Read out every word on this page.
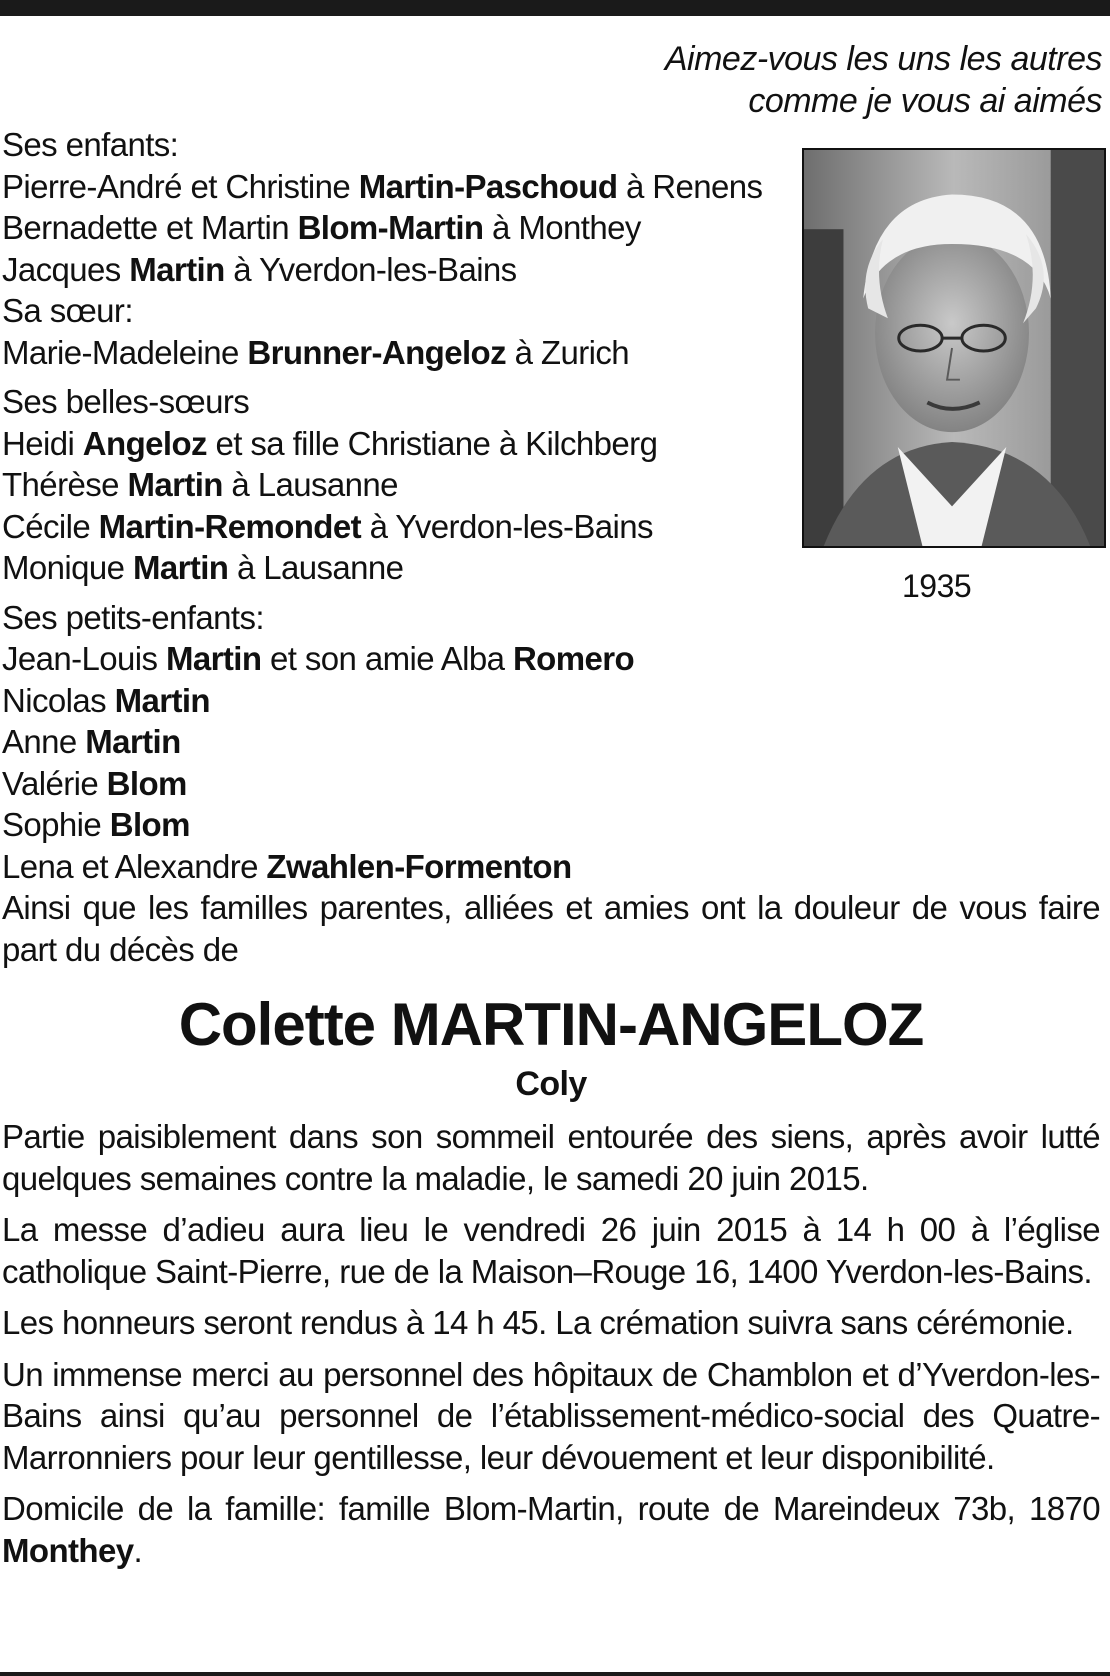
Aimez-vous les uns les autres
comme je vous ai aimés
1935
Ses enfants:
Pierre-André et Christine Martin-Paschoud à Renens
Bernadette et Martin Blom-Martin à Monthey
Jacques Martin à Yverdon-les-Bains
Sa sœur:
Marie-Madeleine Brunner-Angeloz à Zurich
Ses belles-sœurs
Heidi Angeloz et sa fille Christiane à Kilchberg
Thérèse Martin à Lausanne
Cécile Martin-Remondet à Yverdon-les-Bains
Monique Martin à Lausanne
Ses petits-enfants:
Jean-Louis Martin et son amie Alba Romero
Nicolas Martin
Anne Martin
Valérie Blom
Sophie Blom
Lena et Alexandre Zwahlen-Formenton
Ainsi que les familles parentes, alliées et amies ont la douleur de vous faire part du décès de
Colette MARTIN-ANGELOZ
Coly
Partie paisiblement dans son sommeil entourée des siens, après avoir lutté quelques semaines contre la maladie, le samedi 20 juin 2015.
La messe d’adieu aura lieu le vendredi 26 juin 2015 à 14 h 00 à l’église catholique Saint-Pierre, rue de la Maison–Rouge 16, 1400 Yverdon-les-Bains.
Les honneurs seront rendus à 14 h 45. La crémation suivra sans cérémonie.
Un immense merci au personnel des hôpitaux de Chamblon et d’Yverdon-les-Bains ainsi qu’au personnel de l’établissement-médico-social des Quatre-Marronniers pour leur gentillesse, leur dévouement et leur disponibilité.
Domicile de la famille: famille Blom-Martin, route de Mareindeux 73b, 1870 Monthey.
